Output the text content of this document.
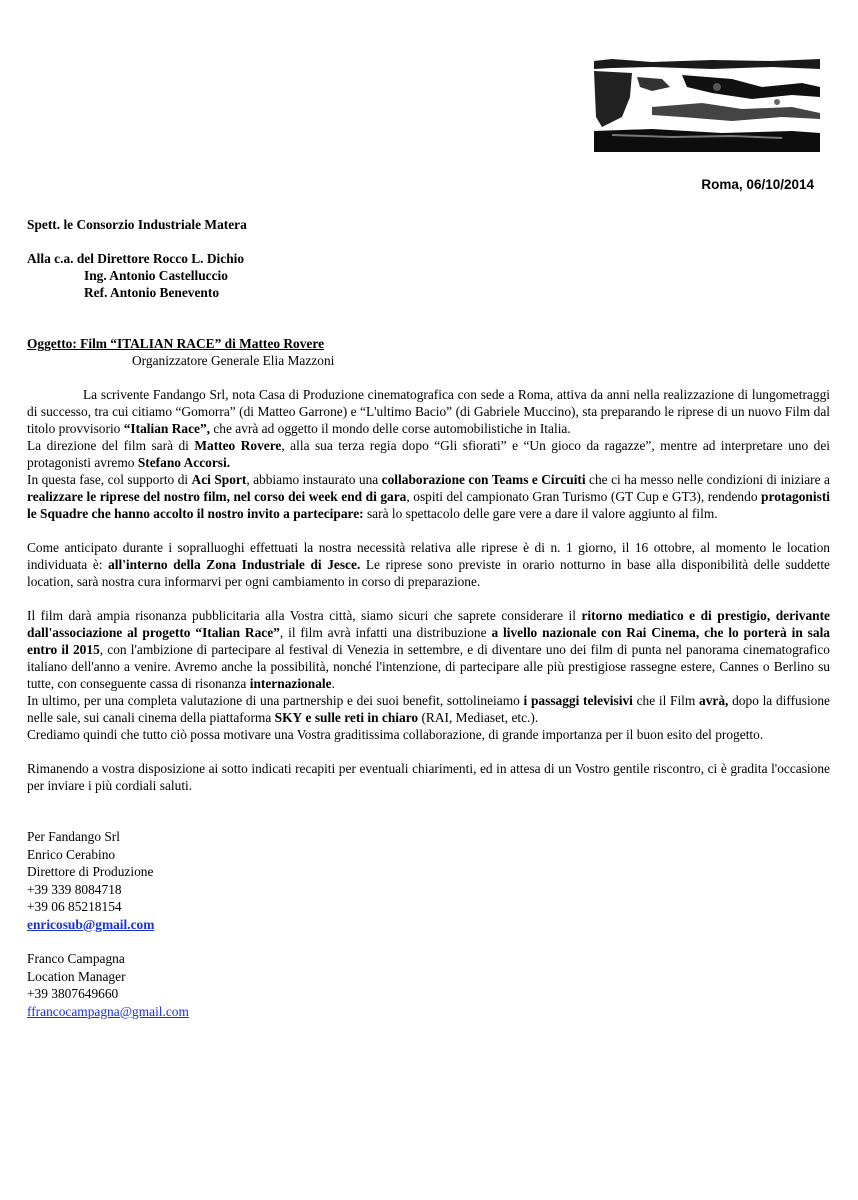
Roma, 06/10/2014

Spett. le Consorzio Industriale Matera

Alla c.a. del Direttore Rocco L. Dichio

Ing. Antonio Castelluccio

Ref. Antonio Benevento

Oggetto: Film “ITALIAN RACE” di Matteo Rovere

Organizzatore Generale Elia Mazzoni

La scrivente Fandango Srl, nota Casa di Produzione cinematografica con sede a Roma, attiva da anni nella realizzazione di lungometraggi di successo, tra cui citiamo “Gomorra” (di Matteo Garrone) e “L'ultimo Bacio” (di Gabriele Muccino), sta preparando le riprese di un nuovo Film dal titolo provvisorio “Italian Race”, che avrà ad oggetto il mondo delle corse automobilistiche in Italia.

La direzione del film sarà di Matteo Rovere, alla sua terza regia dopo “Gli sfiorati” e “Un gioco da ragazze”, mentre ad interpretare uno dei protagonisti avremo Stefano Accorsi.

In questa fase, col supporto di Aci Sport, abbiamo instaurato una collaborazione con Teams e Circuiti che ci ha messo nelle condizioni di iniziare a realizzare le riprese del nostro film, nel corso dei week end di gara, ospiti del campionato Gran Turismo (GT Cup e GT3), rendendo protagonisti le Squadre che hanno accolto il nostro invito a partecipare: sarà lo spettacolo delle gare vere a dare il valore aggiunto al film.

Come anticipato durante i sopralluoghi effettuati la nostra necessità relativa alle riprese è di n. 1 giorno, il 16 ottobre, al momento le location individuata è: all'interno della Zona Industriale di Jesce. Le riprese sono previste in orario notturno in base alla disponibilità delle suddette location, sarà nostra cura informarvi per ogni cambiamento in corso di preparazione.

Il film darà ampia risonanza pubblicitaria alla Vostra città, siamo sicuri che saprete considerare il ritorno mediatico e di prestigio, derivante dall'associazione al progetto “Italian Race”, il film avrà infatti una distribuzione a livello nazionale con Rai Cinema, che lo porterà in sala entro il 2015, con l'ambizione di partecipare al festival di Venezia in settembre, e di diventare uno dei film di punta nel panorama cinematografico italiano dell'anno a venire. Avremo anche la possibilità, nonché l'intenzione, di partecipare alle più prestigiose rassegne estere, Cannes o Berlino su tutte, con conseguente cassa di risonanza internazionale.

In ultimo, per una completa valutazione di una partnership e dei suoi benefit, sottolineiamo i passaggi televisivi che il Film avrà, dopo la diffusione nelle sale, sui canali cinema della piattaforma SKY e sulle reti in chiaro (RAI, Mediaset, etc.).

Crediamo quindi che tutto ciò possa motivare una Vostra graditissima collaborazione, di grande importanza per il buon esito del progetto.

Rimanendo a vostra disposizione ai sotto indicati recapiti per eventuali chiarimenti, ed in attesa di un Vostro gentile riscontro, ci è gradita l'occasione per inviare i più cordiali saluti.

Per Fandango Srl

Enrico Cerabino

Direttore di Produzione

+39 339 8084718

+39 06 85218154

enricosub@gmail.com

Franco Campagna

Location Manager

+39 3807649660

ffrancocampagna@gmail.com
